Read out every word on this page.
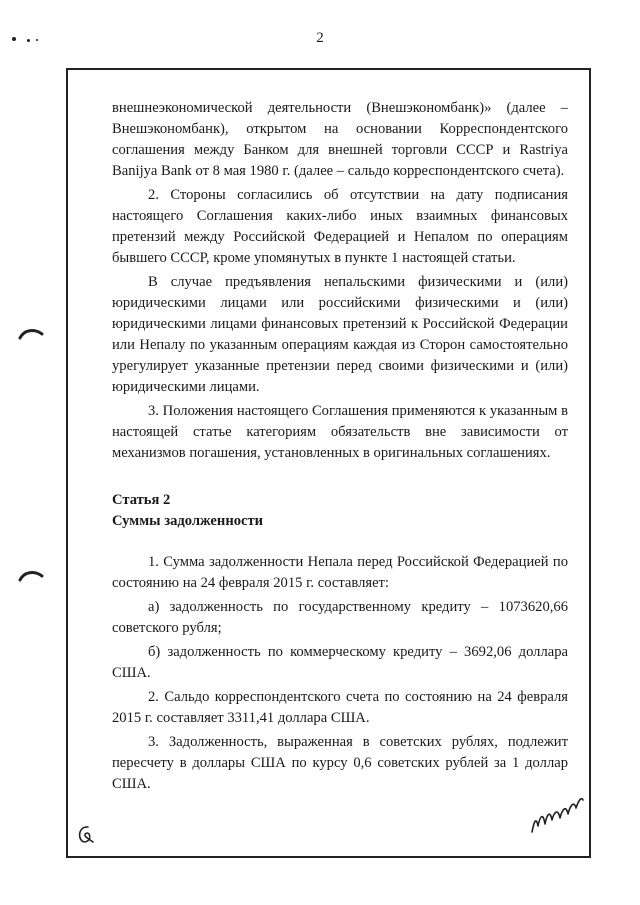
2

внешнеэкономической деятельности (Внешэкономбанк)» (далее – Внешэкономбанк), открытом на основании Корреспондентского соглашения между Банком для внешней торговли СССР и Rastriya Banijya Bank от 8 мая 1980 г. (далее – сальдо корреспондентского счета).

2. Стороны согласились об отсутствии на дату подписания настоящего Соглашения каких-либо иных взаимных финансовых претензий между Российской Федерацией и Непалом по операциям бывшего СССР, кроме упомянутых в пункте 1 настоящей статьи.

В случае предъявления непальскими физическими и (или) юридическими лицами или российскими физическими и (или) юридическими лицами финансовых претензий к Российской Федерации или Непалу по указанным операциям каждая из Сторон самостоятельно урегулирует указанные претензии перед своими физическими и (или) юридическими лицами.

3. Положения настоящего Соглашения применяются к указанным в настоящей статье категориям обязательств вне зависимости от механизмов погашения, установленных в оригинальных соглашениях.

Статья 2

Суммы задолженности

1. Сумма задолженности Непала перед Российской Федерацией по состоянию на 24 февраля 2015 г. составляет:

а) задолженность по государственному кредиту – 1073620,66 советского рубля;

б) задолженность по коммерческому кредиту – 3692,06 доллара США.

2. Сальдо корреспондентского счета по состоянию на 24 февраля 2015 г. составляет 3311,41 доллара США.

3. Задолженность, выраженная в советских рублях, подлежит пересчету в доллары США по курсу 0,6 советских рублей за 1 доллар США.
